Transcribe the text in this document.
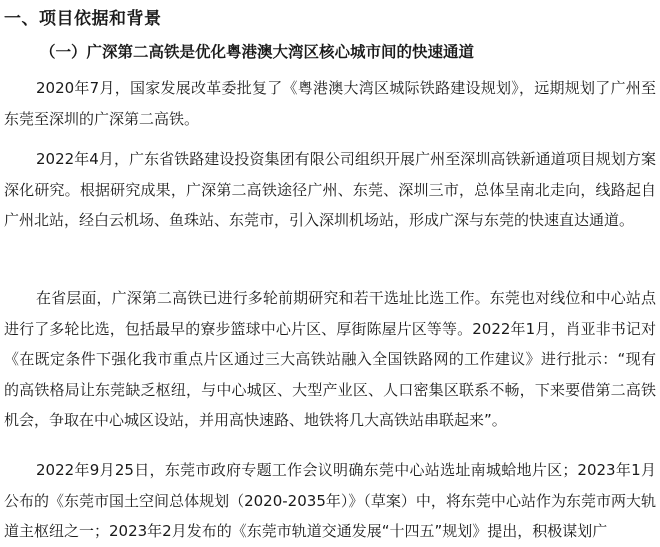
一、项目依据和背景
（一）广深第二高铁是优化粤港澳大湾区核心城市间的快速通道

2020年7月，国家发展改革委批复了《粤港澳大湾区城际铁路建设规划》，远期规划了广州至东莞至深圳的广深第二高铁。

2022年4月，广东省铁路建设投资集团有限公司组织开展广州至深圳高铁新通道项目规划方案深化研究。根据研究成果，广深第二高铁途径广州、东莞、深圳三市，总体呈南北走向，线路起自广州北站，经白云机场、鱼珠站、东莞市，引入深圳机场站，形成广深与东莞的快速直达通道。

在省层面，广深第二高铁已进行多轮前期研究和若干选址比选工作。东莞也对线位和中心站点进行了多轮比选，包括最早的寮步篮球中心片区、厚街陈屋片区等等。2022年1月，肖亚非书记对《在既定条件下强化我市重点片区通过三大高铁站融入全国铁路网的工作建议》进行批示：“现有的高铁格局让东莞缺乏枢纽，与中心城区、大型产业区、人口密集区联系不畅，下来要借第二高铁机会，争取在中心城区设站，并用高快速路、地铁将几大高铁站串联起来”。

2022年9月25日，东莞市政府专题工作会议明确东莞中心站选址南城蛤地片区；2023年1月公布的《东莞市国土空间总体规划（2020-2035年）》（草案）中，将东莞中心站作为东莞市两大轨道主枢纽之一；2023年2月发布的《东莞市轨道交通发展“十四五”规划》提出，积极谋划广
